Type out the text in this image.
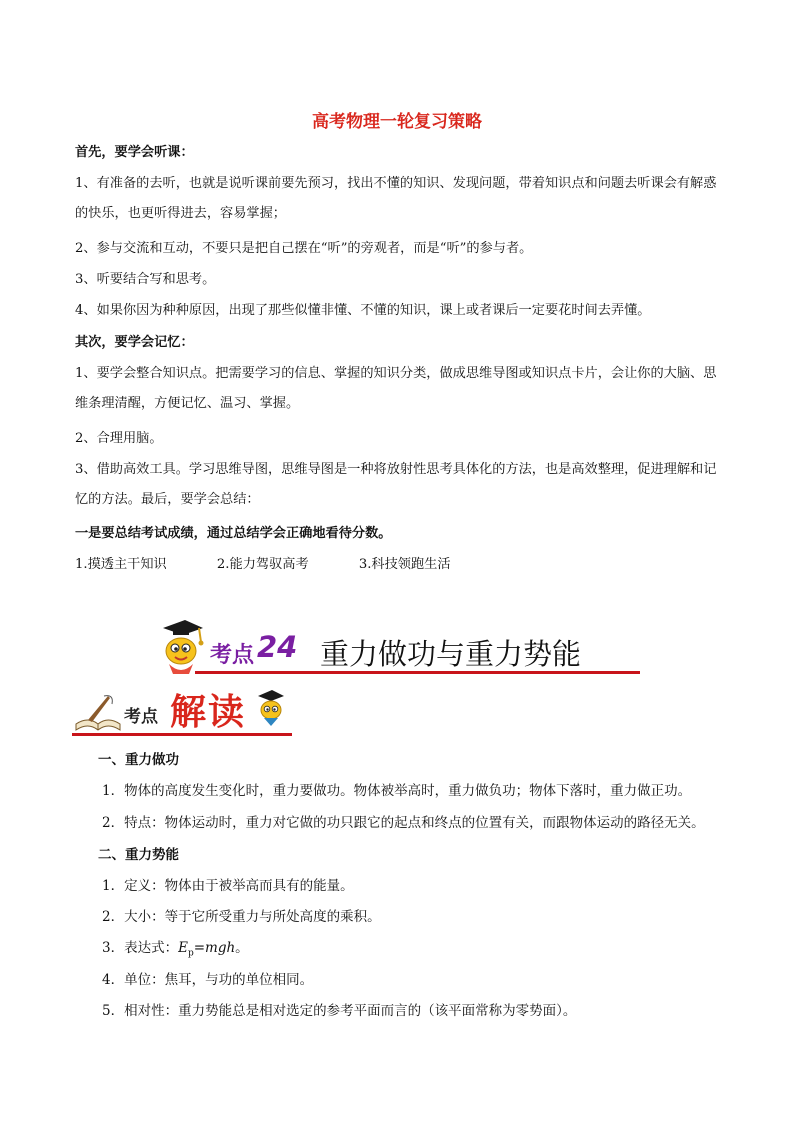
高考物理一轮复习策略
首先，要学会听课：
1、有准备的去听，也就是说听课前要先预习，找出不懂的知识、发现问题，带着知识点和问题去听课会有解惑的快乐，也更听得进去，容易掌握；
2、参与交流和互动，不要只是把自己摆在“听”的旁观者，而是“听”的参与者。
3、听要结合写和思考。
4、如果你因为种种原因，出现了那些似懂非懂、不懂的知识，课上或者课后一定要花时间去弄懂。
其次，要学会记忆：
1、要学会整合知识点。把需要学习的信息、掌握的知识分类，做成思维导图或知识点卡片，会让你的大脑、思维条理清醒，方便记忆、温习、掌握。
2、合理用脑。
3、借助高效工具。学习思维导图，思维导图是一种将放射性思考具体化的方法，也是高效整理，促进理解和记忆的方法。最后，要学会总结：
一是要总结考试成绩，通过总结学会正确地看待分数。
1.摸透主干知识	2.能力驾驭高考	3.科技领跑生活
考点 24 重力做功与重力势能
考点 解读
一、重力做功
1．物体的高度发生变化时，重力要做功。物体被举高时，重力做负功；物体下落时，重力做正功。
2．特点：物体运动时，重力对它做的功只跟它的起点和终点的位置有关，而跟物体运动的路径无关。
二、重力势能
1．定义：物体由于被举高而具有的能量。
2．大小：等于它所受重力与所处高度的乘积。
3．表达式：$E_p=mgh$。
4．单位：焦耳，与功的单位相同。
5．相对性：重力势能总是相对选定的参考平面而言的（该平面常称为零势面）。
